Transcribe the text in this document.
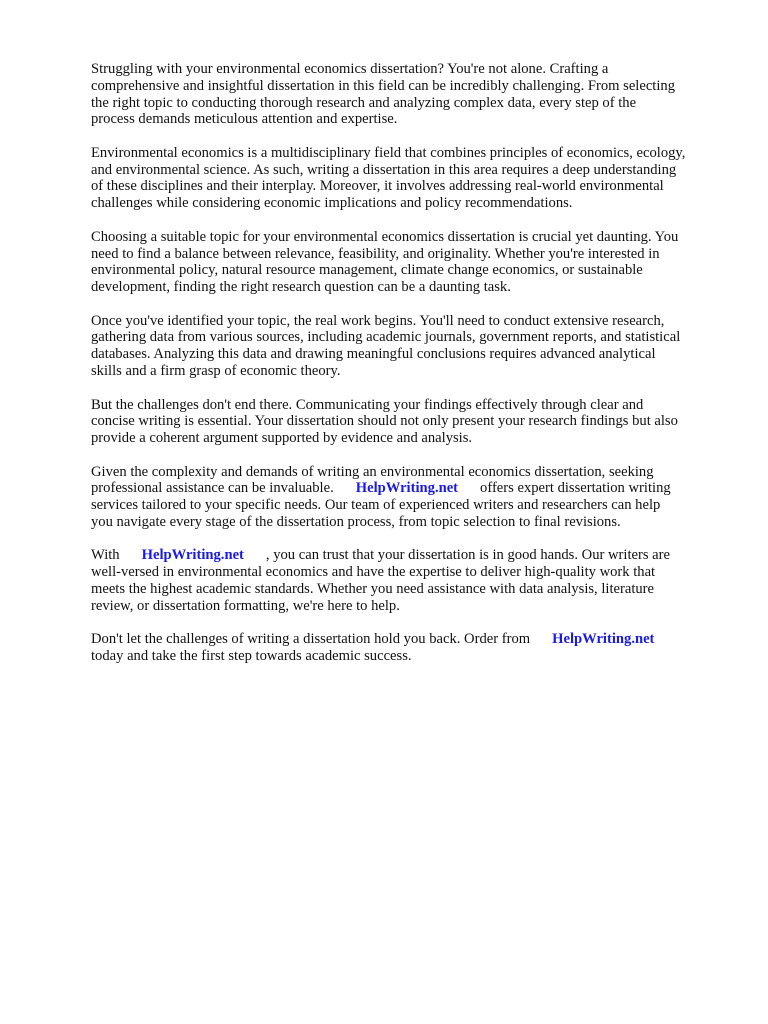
Struggling with your environmental economics dissertation? You're not alone. Crafting a
comprehensive and insightful dissertation in this field can be incredibly challenging. From selecting
the right topic to conducting thorough research and analyzing complex data, every step of the
process demands meticulous attention and expertise.

Environmental economics is a multidisciplinary field that combines principles of economics, ecology,
and environmental science. As such, writing a dissertation in this area requires a deep understanding
of these disciplines and their interplay. Moreover, it involves addressing real-world environmental
challenges while considering economic implications and policy recommendations.

Choosing a suitable topic for your environmental economics dissertation is crucial yet daunting. You
need to find a balance between relevance, feasibility, and originality. Whether you're interested in
environmental policy, natural resource management, climate change economics, or sustainable
development, finding the right research question can be a daunting task.

Once you've identified your topic, the real work begins. You'll need to conduct extensive research,
gathering data from various sources, including academic journals, government reports, and statistical
databases. Analyzing this data and drawing meaningful conclusions requires advanced analytical
skills and a firm grasp of economic theory.

But the challenges don't end there. Communicating your findings effectively through clear and
concise writing is essential. Your dissertation should not only present your research findings but also
provide a coherent argument supported by evidence and analysis.

Given the complexity and demands of writing an environmental economics dissertation, seeking
professional assistance can be invaluable. HelpWriting.net offers expert dissertation writing
services tailored to your specific needs. Our team of experienced writers and researchers can help
you navigate every stage of the dissertation process, from topic selection to final revisions.

With HelpWriting.net , you can trust that your dissertation is in good hands. Our writers are
well-versed in environmental economics and have the expertise to deliver high-quality work that
meets the highest academic standards. Whether you need assistance with data analysis, literature
review, or dissertation formatting, we're here to help.

Don't let the challenges of writing a dissertation hold you back. Order from HelpWriting.net
today and take the first step towards academic success.
